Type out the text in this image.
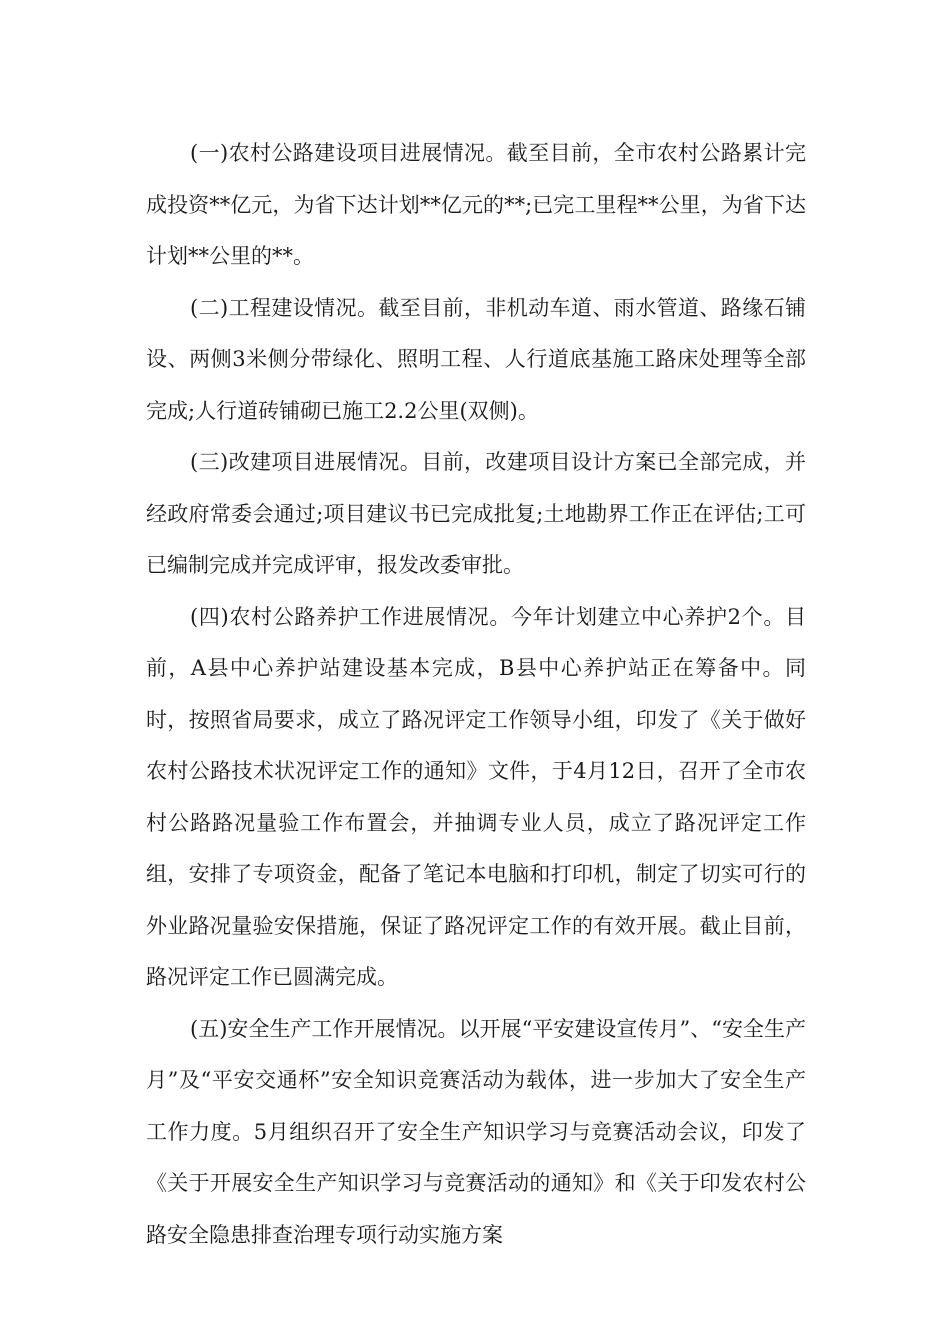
(一)农村公路建设项目进展情况。截至目前，全市农村公路累计完成投资**亿元，为省下达计划**亿元的**;已完工里程**公里，为省下达计划**公里的**。

(二)工程建设情况。截至目前，非机动车道、雨水管道、路缘石铺设、两侧3米侧分带绿化、照明工程、人行道底基施工路床处理等全部完成;人行道砖铺砌已施工2.2公里(双侧)。

(三)改建项目进展情况。目前，改建项目设计方案已全部完成，并经政府常委会通过;项目建议书已完成批复;土地勘界工作正在评估;工可已编制完成并完成评审，报发改委审批。

(四)农村公路养护工作进展情况。今年计划建立中心养护2个。目前，A县中心养护站建设基本完成，B县中心养护站正在筹备中。同时，按照省局要求，成立了路况评定工作领导小组，印发了《关于做好农村公路技术状况评定工作的通知》文件，于4月12日，召开了全市农村公路路况量验工作布置会，并抽调专业人员，成立了路况评定工作组，安排了专项资金，配备了笔记本电脑和打印机，制定了切实可行的外业路况量验安保措施，保证了路况评定工作的有效开展。截止目前，路况评定工作已圆满完成。

(五)安全生产工作开展情况。以开展“平安建设宣传月”、“安全生产月”及“平安交通杯”安全知识竞赛活动为载体，进一步加大了安全生产工作力度。5月组织召开了安全生产知识学习与竞赛活动会议，印发了《关于开展安全生产知识学习与竞赛活动的通知》和《关于印发农村公路安全隐患排查治理专项行动实施方案
